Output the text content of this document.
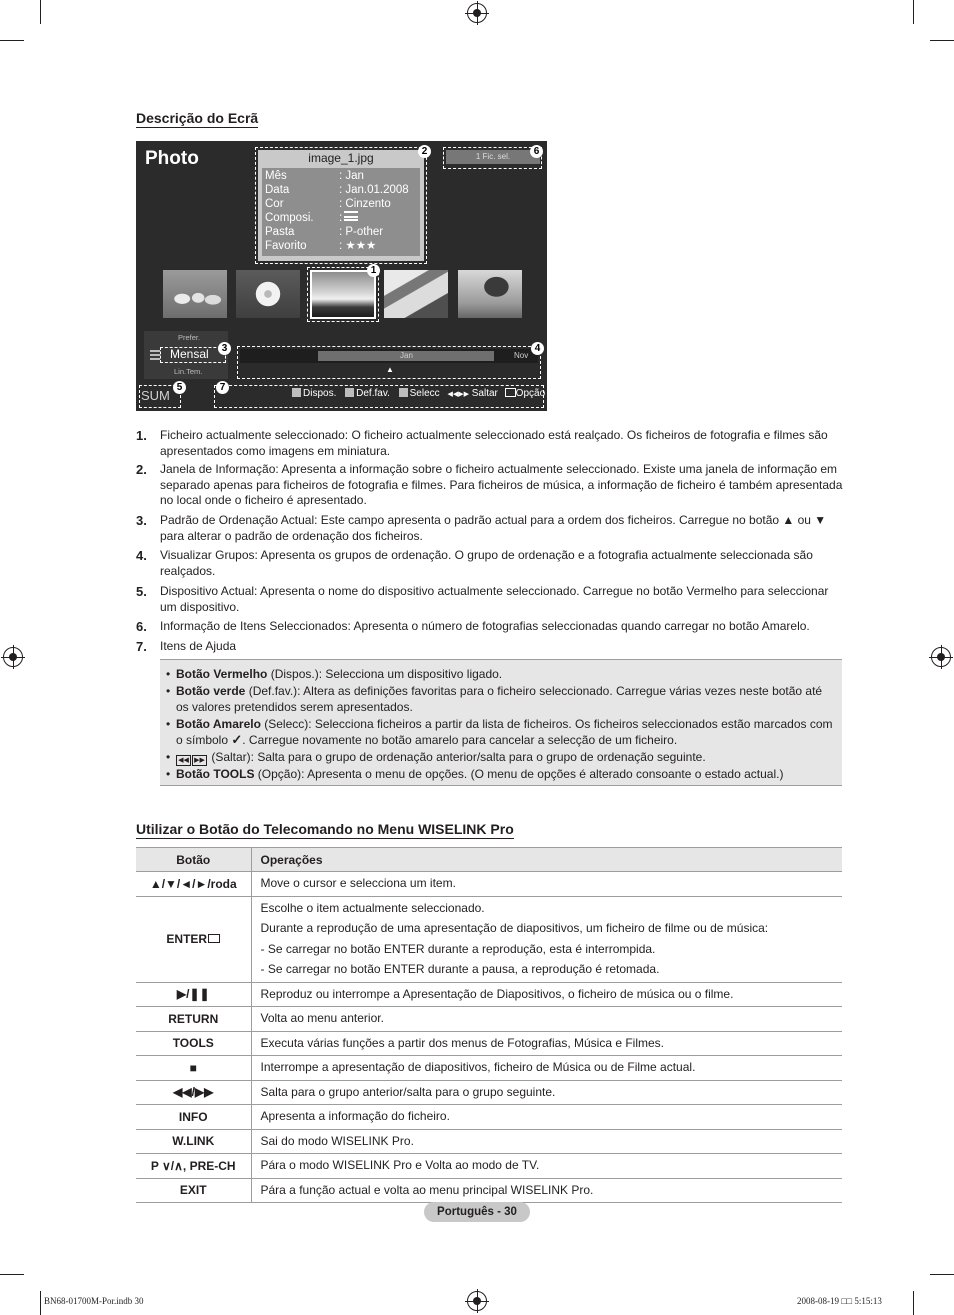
Descrição do Ecrã
Photo	image_1.jpg
Mês	: Jan
Data	: Jan.01.2008
Cor	: Cinzento
Composi. :
Pasta	: P-other
Favorito	: ★★★
2	1 Fic. sel.	6
1
Prefer.
Mensal
Lin.Tem.
3
Jan	Nov
▲
4
SUM
5
Dispos. Def.fav. Selecc ◀◀▶▶ Saltar Opção
7
1. Ficheiro actualmente seleccionado: O ficheiro actualmente seleccionado está realçado. Os ficheiros de fotografia e filmes são apresentados como imagens em miniatura.
2. Janela de Informação: Apresenta a informação sobre o ficheiro actualmente seleccionado. Existe uma janela de informação em separado apenas para ficheiros de fotografia e filmes. Para ficheiros de música, a informação de ficheiro é também apresentada no local onde o ficheiro é apresentado.
3. Padrão de Ordenação Actual: Este campo apresenta o padrão actual para a ordem dos ficheiros. Carregue no botão ▲ ou ▼ para alterar o padrão de ordenação dos ficheiros.
4. Visualizar Grupos: Apresenta os grupos de ordenação. O grupo de ordenação e a fotografia actualmente seleccionada são realçados.
5. Dispositivo Actual: Apresenta o nome do dispositivo actualmente seleccionado. Carregue no botão Vermelho para seleccionar um dispositivo.
6. Informação de Itens Seleccionados: Apresenta o número de fotografias seleccionadas quando carregar no botão Amarelo.
7. Itens de Ajuda
• Botão Vermelho (Dispos.): Selecciona um dispositivo ligado.
• Botão verde (Def.fav.): Altera as definições favoritas para o ficheiro seleccionado. Carregue várias vezes neste botão até os valores pretendidos serem apresentados.
• Botão Amarelo (Selecc): Selecciona ficheiros a partir da lista de ficheiros. Os ficheiros seleccionados estão marcados com o símbolo ✓. Carregue novamente no botão amarelo para cancelar a selecção de um ficheiro.
•	◀◀ ▶▶ (Saltar): Salta para o grupo de ordenação anterior/salta para o grupo de ordenação seguinte.
• Botão TOOLS (Opção): Apresenta o menu de opções. (O menu de opções é alterado consoante o estado actual.)
Utilizar o Botão do Telecomando no Menu WISELINK Pro
Botão	Operações
▲/▼/◄/►/roda	Move o cursor e selecciona um item.
ENTER	Escolhe o item actualmente seleccionado.
Durante a reprodução de uma apresentação de diapositivos, um ficheiro de filme ou de música:
- Se carregar no botão ENTER durante a reprodução, esta é interrompida.
- Se carregar no botão ENTER durante a pausa, a reprodução é retomada.

▶/❚❚	Reproduz ou interrompe a Apresentação de Diapositivos, o ficheiro de música ou o filme.
RETURN	Volta ao menu anterior.
TOOLS	Executa várias funções a partir dos menus de Fotografias, Música e Filmes.
■	Interrompe a apresentação de diapositivos, ficheiro de Música ou de Filme actual.
◀◀/▶▶	Salta para o grupo anterior/salta para o grupo seguinte.
INFO	Apresenta a informação do ficheiro.
W.LINK	Sai do modo WISELINK Pro.
P ∨/∧, PRE-CH	Pára o modo WISELINK Pro e Volta ao modo de TV.
EXIT	Pára a função actual e volta ao menu principal WISELINK Pro.
Português - 30
BN68-01700M-Por.indb 30	2008-08-19 □□ 5:15:13
